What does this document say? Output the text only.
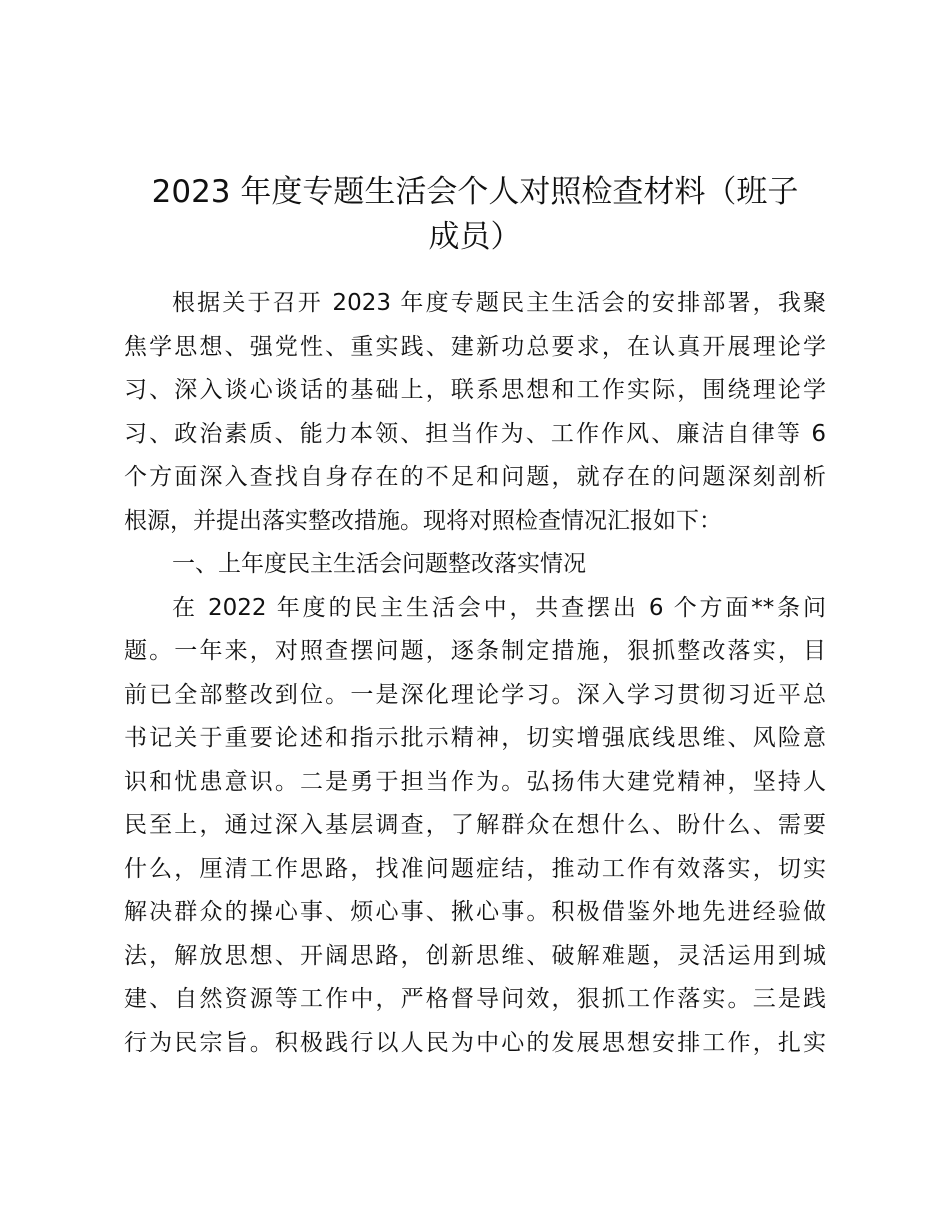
2023 年度专题生活会个人对照检查材料（班子
成员）
根据关于召开 2023 年度专题民主生活会的安排部署，我聚
焦学思想、强党性、重实践、建新功总要求，在认真开展理论学
习、深入谈心谈话的基础上，联系思想和工作实际，围绕理论学
习、政治素质、能力本领、担当作为、工作作风、廉洁自律等 6
个方面深入查找自身存在的不足和问题，就存在的问题深刻剖析
根源，并提出落实整改措施。现将对照检查情况汇报如下：
一、上年度民主生活会问题整改落实情况
在 2022 年度的民主生活会中，共查摆出 6 个方面**条问
题。一年来，对照查摆问题，逐条制定措施，狠抓整改落实，目
前已全部整改到位。一是深化理论学习。深入学习贯彻习近平总
书记关于重要论述和指示批示精神，切实增强底线思维、风险意
识和忧患意识。二是勇于担当作为。弘扬伟大建党精神，坚持人
民至上，通过深入基层调查，了解群众在想什么、盼什么、需要
什么，厘清工作思路，找准问题症结，推动工作有效落实，切实
解决群众的操心事、烦心事、揪心事。积极借鉴外地先进经验做
法，解放思想、开阔思路，创新思维、破解难题，灵活运用到城
建、自然资源等工作中，严格督导问效，狠抓工作落实。三是践
行为民宗旨。积极践行以人民为中心的发展思想安排工作，扎实
